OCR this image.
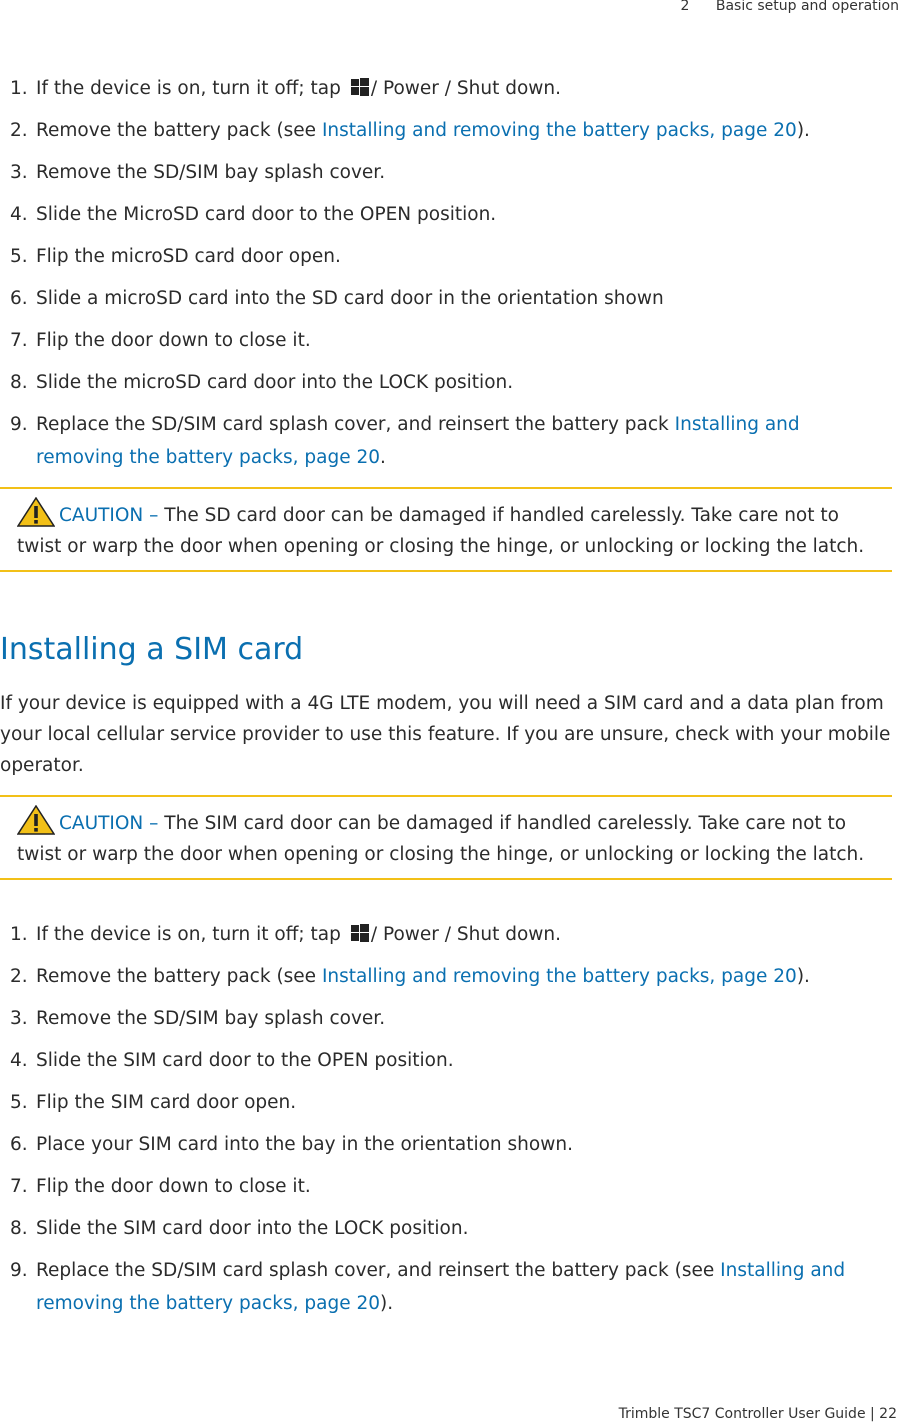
2 Basic setup and operation
1. If the device is on, turn it off; tap / Power / Shut down.
2. Remove the battery pack (see Installing and removing the battery packs, page 20).
3. Remove the SD/SIM bay splash cover.
4. Slide the MicroSD card door to the OPEN position.
5. Flip the microSD card door open.
6. Slide a microSD card into the SD card door in the orientation shown
7. Flip the door down to close it.
8. Slide the microSD card door into the LOCK position.
9. Replace the SD/SIM card splash cover, and reinsert the battery pack Installing and removing the battery packs, page 20.
CAUTION – The SD card door can be damaged if handled carelessly. Take care not to twist or warp the door when opening or closing the hinge, or unlocking or locking the latch.
Installing a SIM card

If your device is equipped with a 4G LTE modem, you will need a SIM card and a data plan from your local cellular service provider to use this feature. If you are unsure, check with your mobile operator.

CAUTION – The SIM card door can be damaged if handled carelessly. Take care not to twist or warp the door when opening or closing the hinge, or unlocking or locking the latch.
1. If the device is on, turn it off; tap / Power / Shut down.
2. Remove the battery pack (see Installing and removing the battery packs, page 20).
3. Remove the SD/SIM bay splash cover.
4. Slide the SIM card door to the OPEN position.
5. Flip the SIM card door open.
6. Place your SIM card into the bay in the orientation shown.
7. Flip the door down to close it.
8. Slide the SIM card door into the LOCK position.
9. Replace the SD/SIM card splash cover, and reinsert the battery pack (see Installing and removing the battery packs, page 20).
Trimble TSC7 Controller User Guide | 22
